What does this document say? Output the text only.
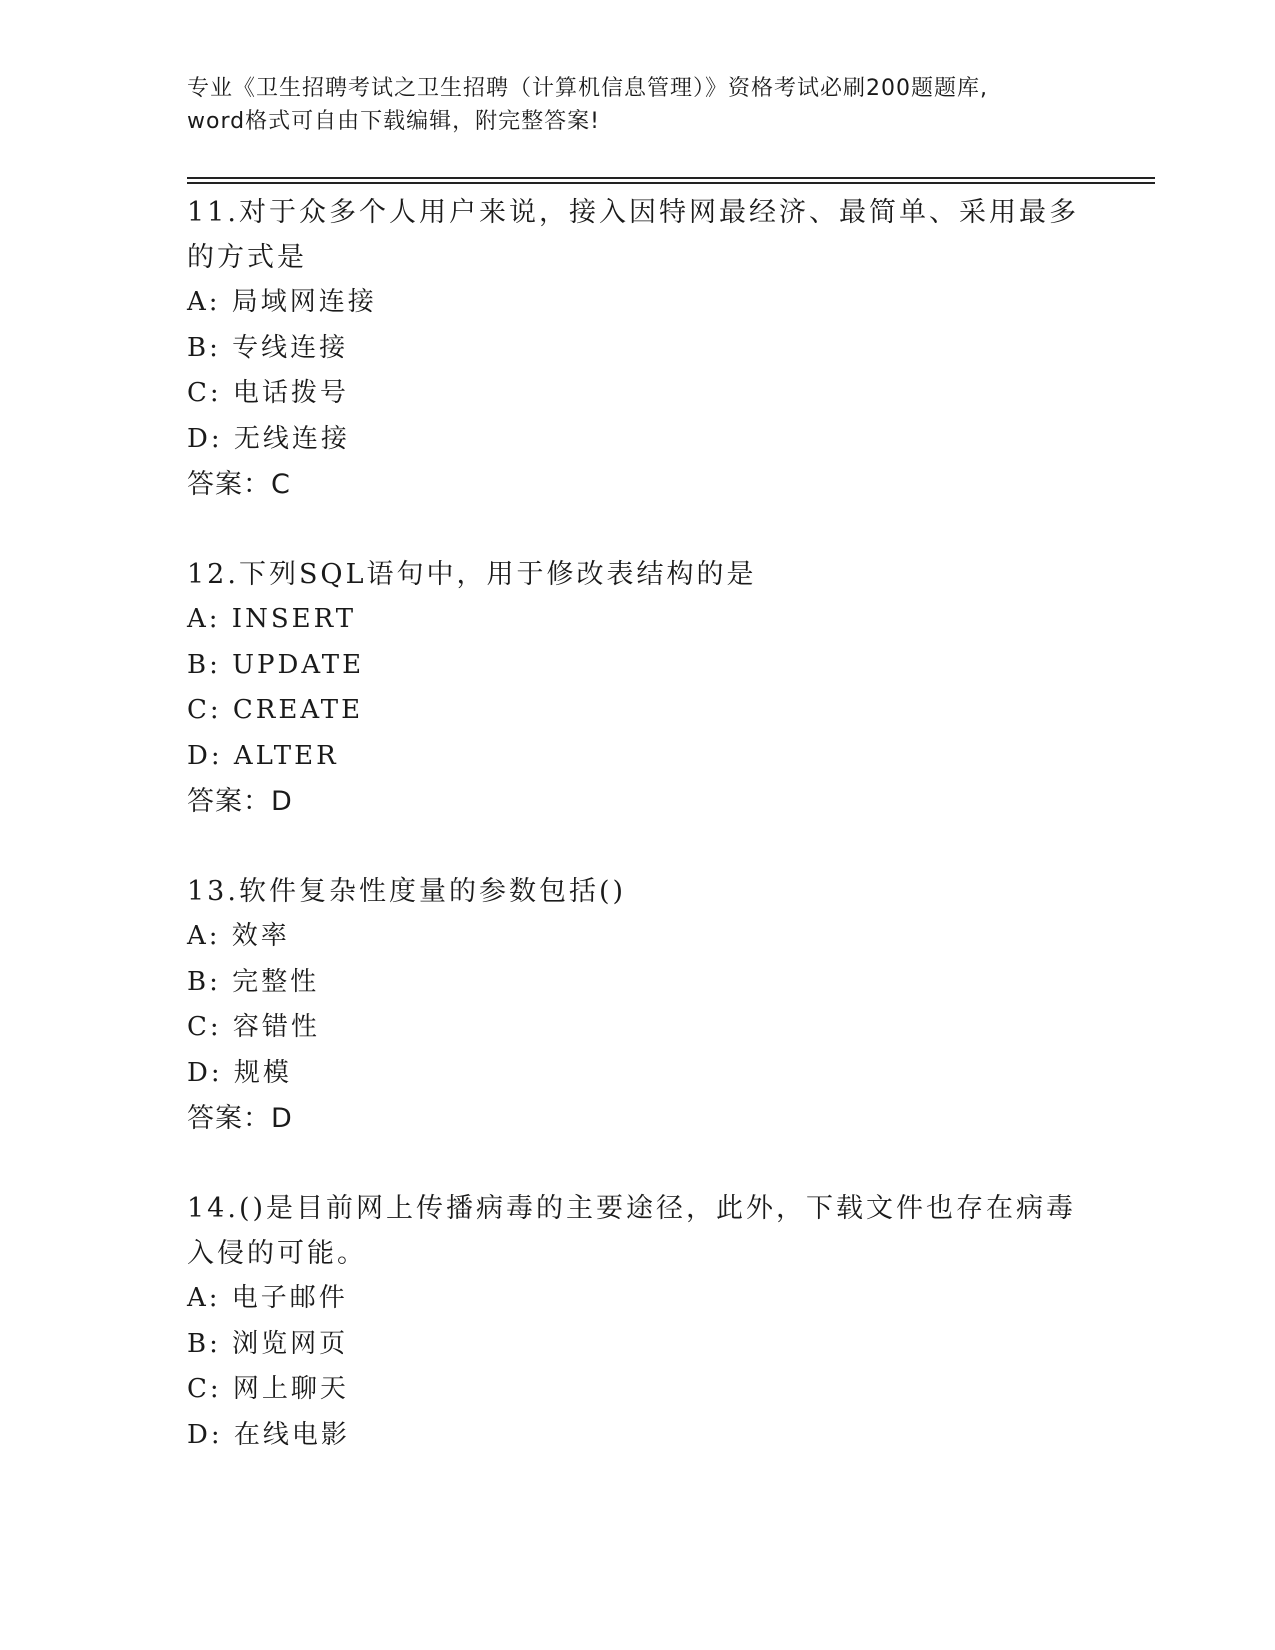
专业《卫生招聘考试之卫生招聘（计算机信息管理）》资格考试必刷200题题库,
word格式可自由下载编辑，附完整答案!

11.对于众多个人用户来说，接入因特网最经济、最简单、采用最多的方式是

A: 局域网连接
B: 专线连接
C: 电话拨号
D: 无线连接
答案：C

12.下列SQL语句中，用于修改表结构的是

A: INSERT
B: UPDATE
C: CREATE
D: ALTER
答案：D

13.软件复杂性度量的参数包括()

A: 效率
B: 完整性
C: 容错性
D: 规模
答案：D

14.()是目前网上传播病毒的主要途径，此外，下载文件也存在病毒入侵的可能。

A: 电子邮件
B: 浏览网页
C: 网上聊天
D: 在线电影
